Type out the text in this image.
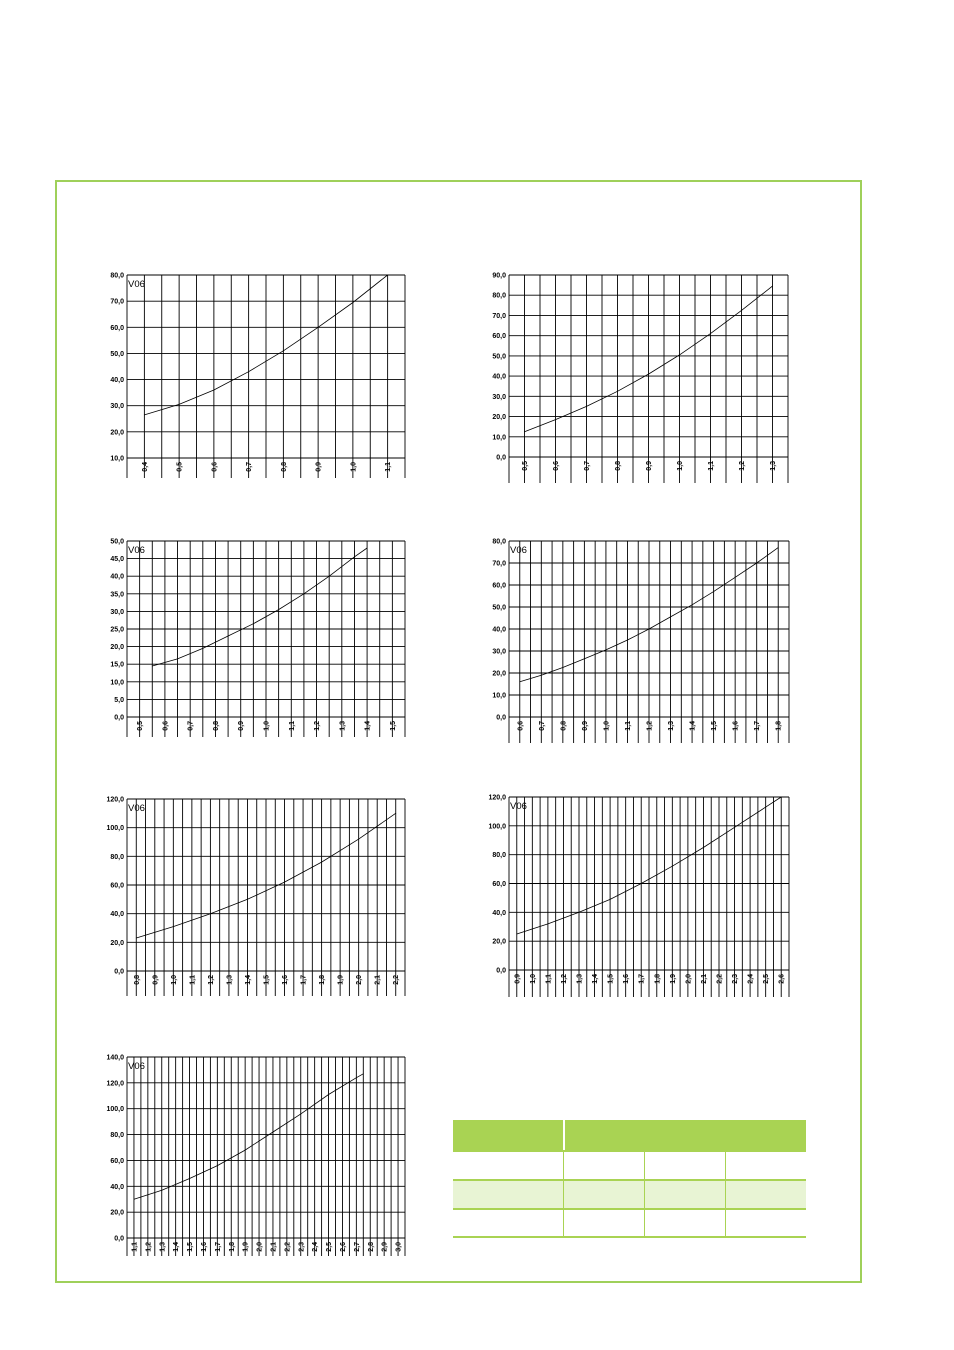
10,0
20,0
30,0
40,0
50,0
60,0
70,0
80,0
0,4	0,5	0,6	0,7	0,8	0,9	1,0	1,1
V06
0,0
10,0
20,0
30,0
40,0
50,0
60,0
70,0
80,0
90,0
0,5	0,6	0,7	0,8	0,9	1,0	1,1	1,2	1,3
0,0
5,0
10,0
15,0
20,0
25,0
30,0
35,0
40,0
45,0
50,0
0,5	0,6	0,7	0,8	0,9	1,0	1,1	1,2	1,3	1,4	1,5
V06
0,0
10,0
20,0
30,0
40,0
50,0
60,0
70,0
80,0
0,6 0,7 0,8 0,9 1,0 1,1 1,2 1,3 1,4 1,5 1,6 1,7 1,8
V06
0,0
20,0
40,0
60,0
80,0
100,0
120,0
0,8 0,9 1,0 1,1 1,2 1,3 1,4 1,5 1,6 1,7 1,8 1,9 2,0 2,1 2,2
V06
0,0
20,0
40,0
60,0
80,0
100,0
120,0
0,9 1,0 1,1 1,2 1,3 1,4 1,5 1,6 1,7 1,8 1,9 2,0 2,1 2,2 2,3 2,4 2,5 2,6
V06
0,0
20,0
40,0
60,0
80,0
100,0
120,0
140,0
1,1 1,2 1,3 1,4 1,5 1,6 1,7 1,8 1,9 2,0 2,1 2,2 2,3 2,4 2,5 2,6 2,7 2,8 2,9 3,0
V06
